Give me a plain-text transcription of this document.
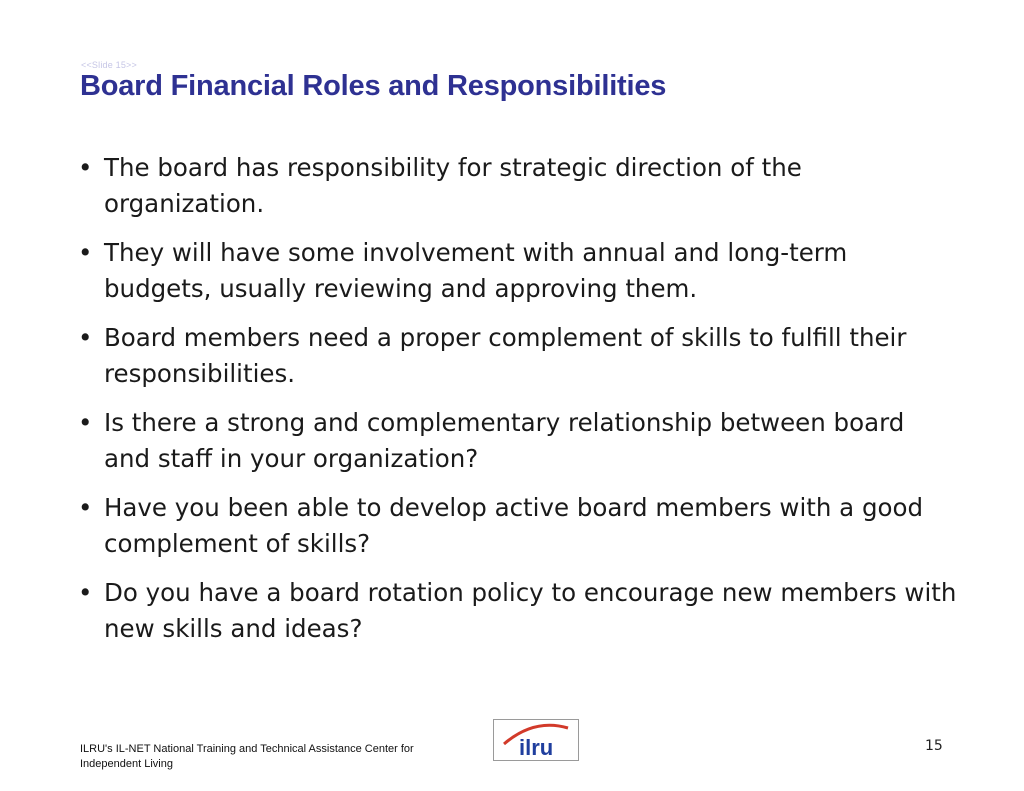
<<Slide 15>>
Board Financial Roles and Responsibilities
• The board has responsibility for strategic direction of the organization.
• They will have some involvement with annual and long-term budgets, usually reviewing and approving them.
• Board members need a proper complement of skills to fulfill their responsibilities.
• Is there a strong and complementary relationship between board and staff in your organization?
• Have you been able to develop active board members with a good complement of skills?
• Do you have a board rotation policy to encourage new members with new skills and ideas?
ILRU's IL-NET National Training and Technical Assistance Center for Independent Living
ilru	15
